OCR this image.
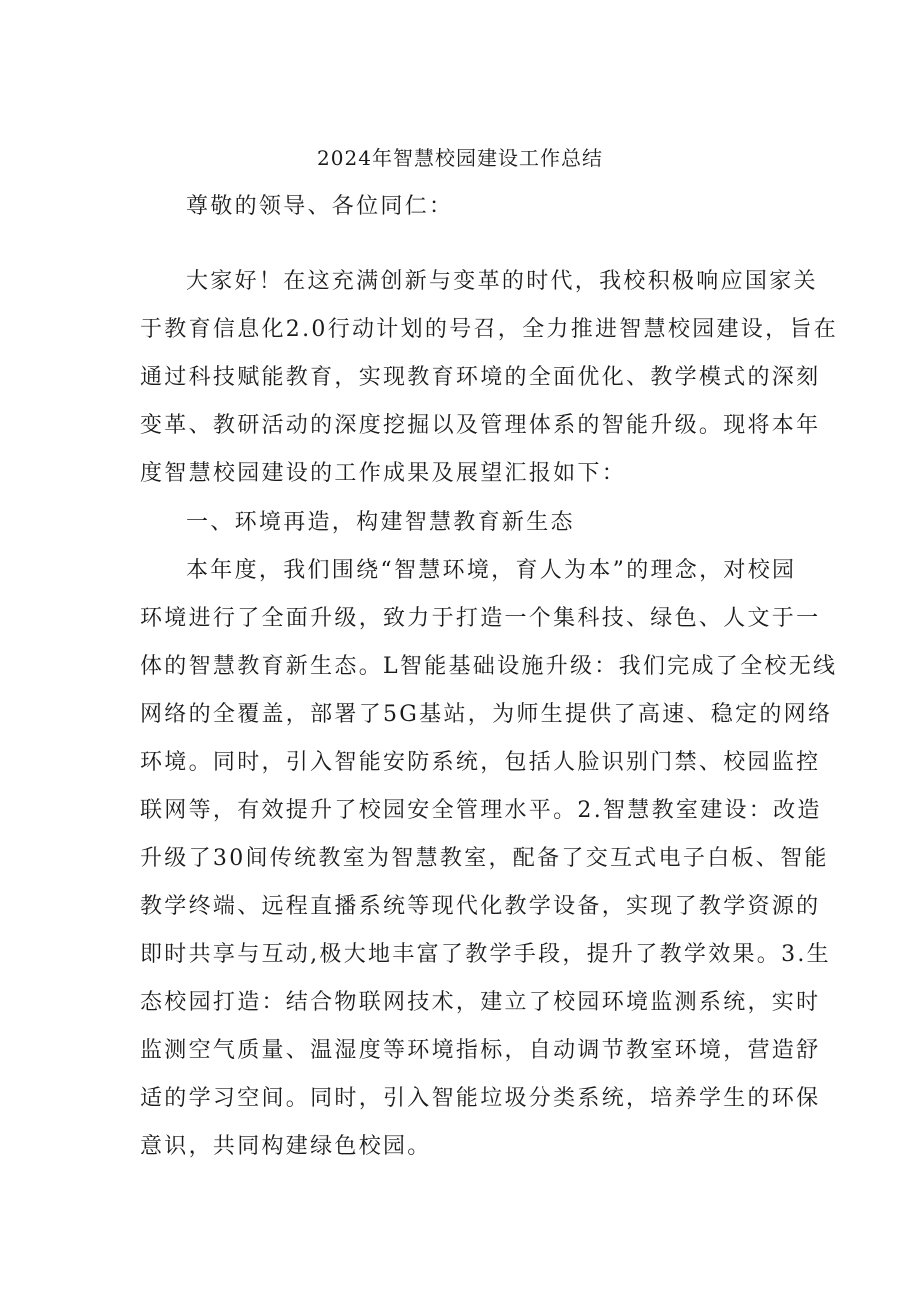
2024年智慧校园建设工作总结
尊敬的领导、各位同仁：
大家好！在这充满创新与变革的时代，我校积极响应国家关
于教育信息化2.0行动计划的号召，全力推进智慧校园建设，旨在
通过科技赋能教育，实现教育环境的全面优化、教学模式的深刻
变革、教研活动的深度挖掘以及管理体系的智能升级。现将本年
度智慧校园建设的工作成果及展望汇报如下：
一、环境再造，构建智慧教育新生态
本年度，我们围绕“智慧环境，育人为本”的理念，对校园
环境进行了全面升级，致力于打造一个集科技、绿色、人文于一
体的智慧教育新生态。L智能基础设施升级：我们完成了全校无线
网络的全覆盖，部署了5G基站，为师生提供了高速、稳定的网络
环境。同时，引入智能安防系统，包括人脸识别门禁、校园监控
联网等，有效提升了校园安全管理水平。2.智慧教室建设：改造
升级了30间传统教室为智慧教室，配备了交互式电子白板、智能
教学终端、远程直播系统等现代化教学设备，实现了教学资源的
即时共享与互动,极大地丰富了教学手段，提升了教学效果。3.生
态校园打造：结合物联网技术，建立了校园环境监测系统，实时
监测空气质量、温湿度等环境指标，自动调节教室环境，营造舒
适的学习空间。同时，引入智能垃圾分类系统，培养学生的环保
意识，共同构建绿色校园。
